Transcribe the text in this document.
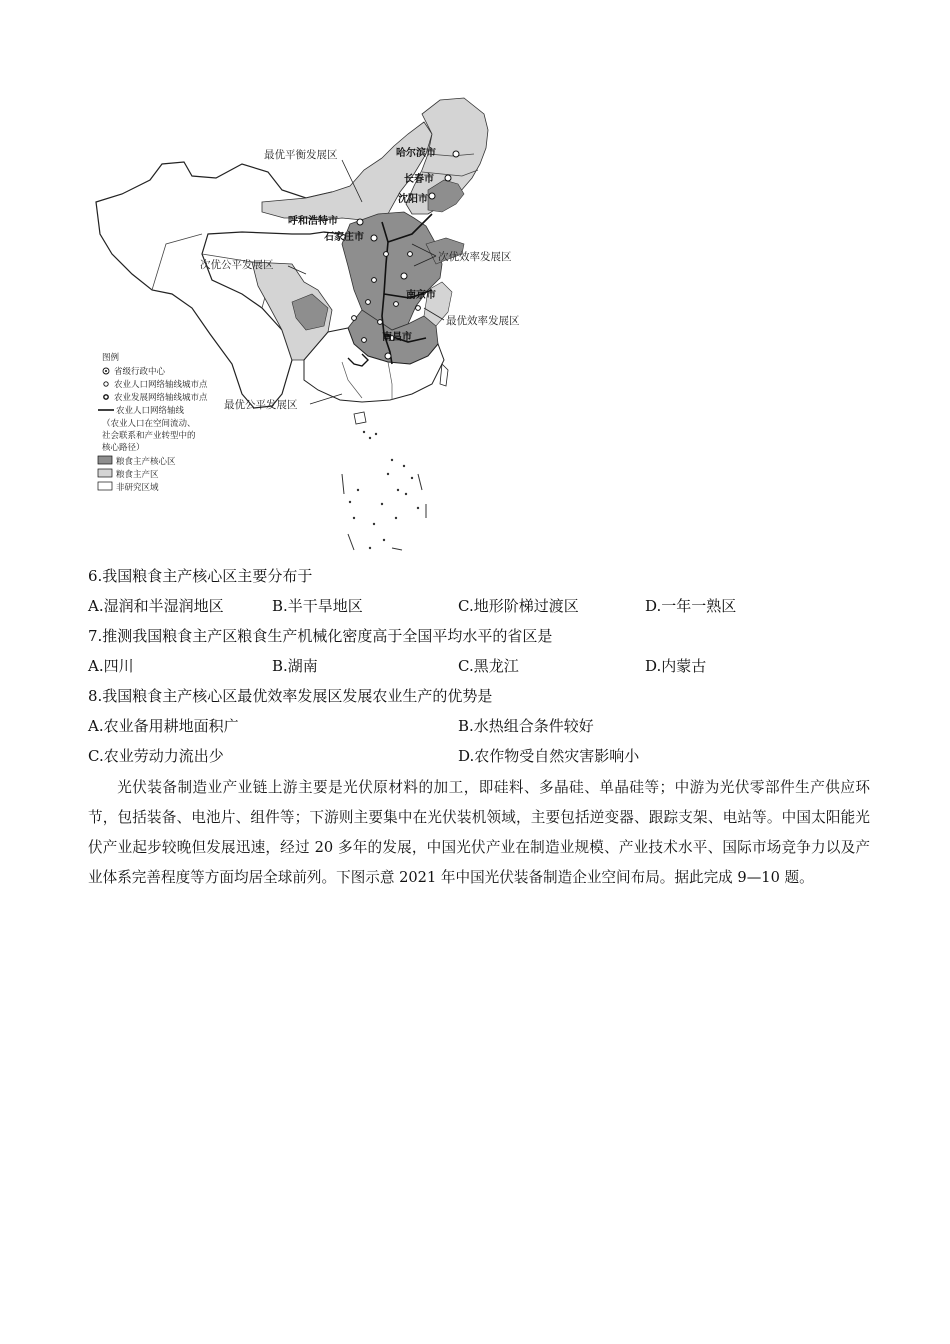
哈尔滨市
长春市
沈阳市
呼和浩特市
石家庄市
南京市
南昌市
最优平衡发展区
次优公平发展区
次优效率发展区
最优效率发展区
最优公平发展区
图例
省级行政中心
农业人口网络轴线城市点
农业发展网络轴线城市点
农业人口网络轴线
（农业人口在空间流动、
社会联系和产业转型中的
核心路径）
粮食主产核心区
粮食主产区
非研究区域
6.我国粮食主产核心区主要分布于
A.湿润和半湿润地区	B.半干旱地区	C.地形阶梯过渡区	D.一年一熟区
7.推测我国粮食主产区粮食生产机械化密度高于全国平均水平的省区是
A.四川	B.湖南	C.黑龙江	D.内蒙古
8.我国粮食主产核心区最优效率发展区发展农业生产的优势是
A.农业备用耕地面积广	B.水热组合条件较好
C.农业劳动力流出少	D.农作物受自然灾害影响小
光伏装备制造业产业链上游主要是光伏原材料的加工，即硅料、多晶硅、单晶硅等；中游为光伏零部件生产供应环节，包括装备、电池片、组件等；下游则主要集中在光伏装机领域，主要包括逆变器、跟踪支架、电站等。中国太阳能光伏产业起步较晚但发展迅速，经过 20 多年的发展，中国光伏产业在制造业规模、产业技术水平、国际市场竞争力以及产业体系完善程度等方面均居全球前列。下图示意 2021 年中国光伏装备制造企业空间布局。据此完成 9—10 题。
